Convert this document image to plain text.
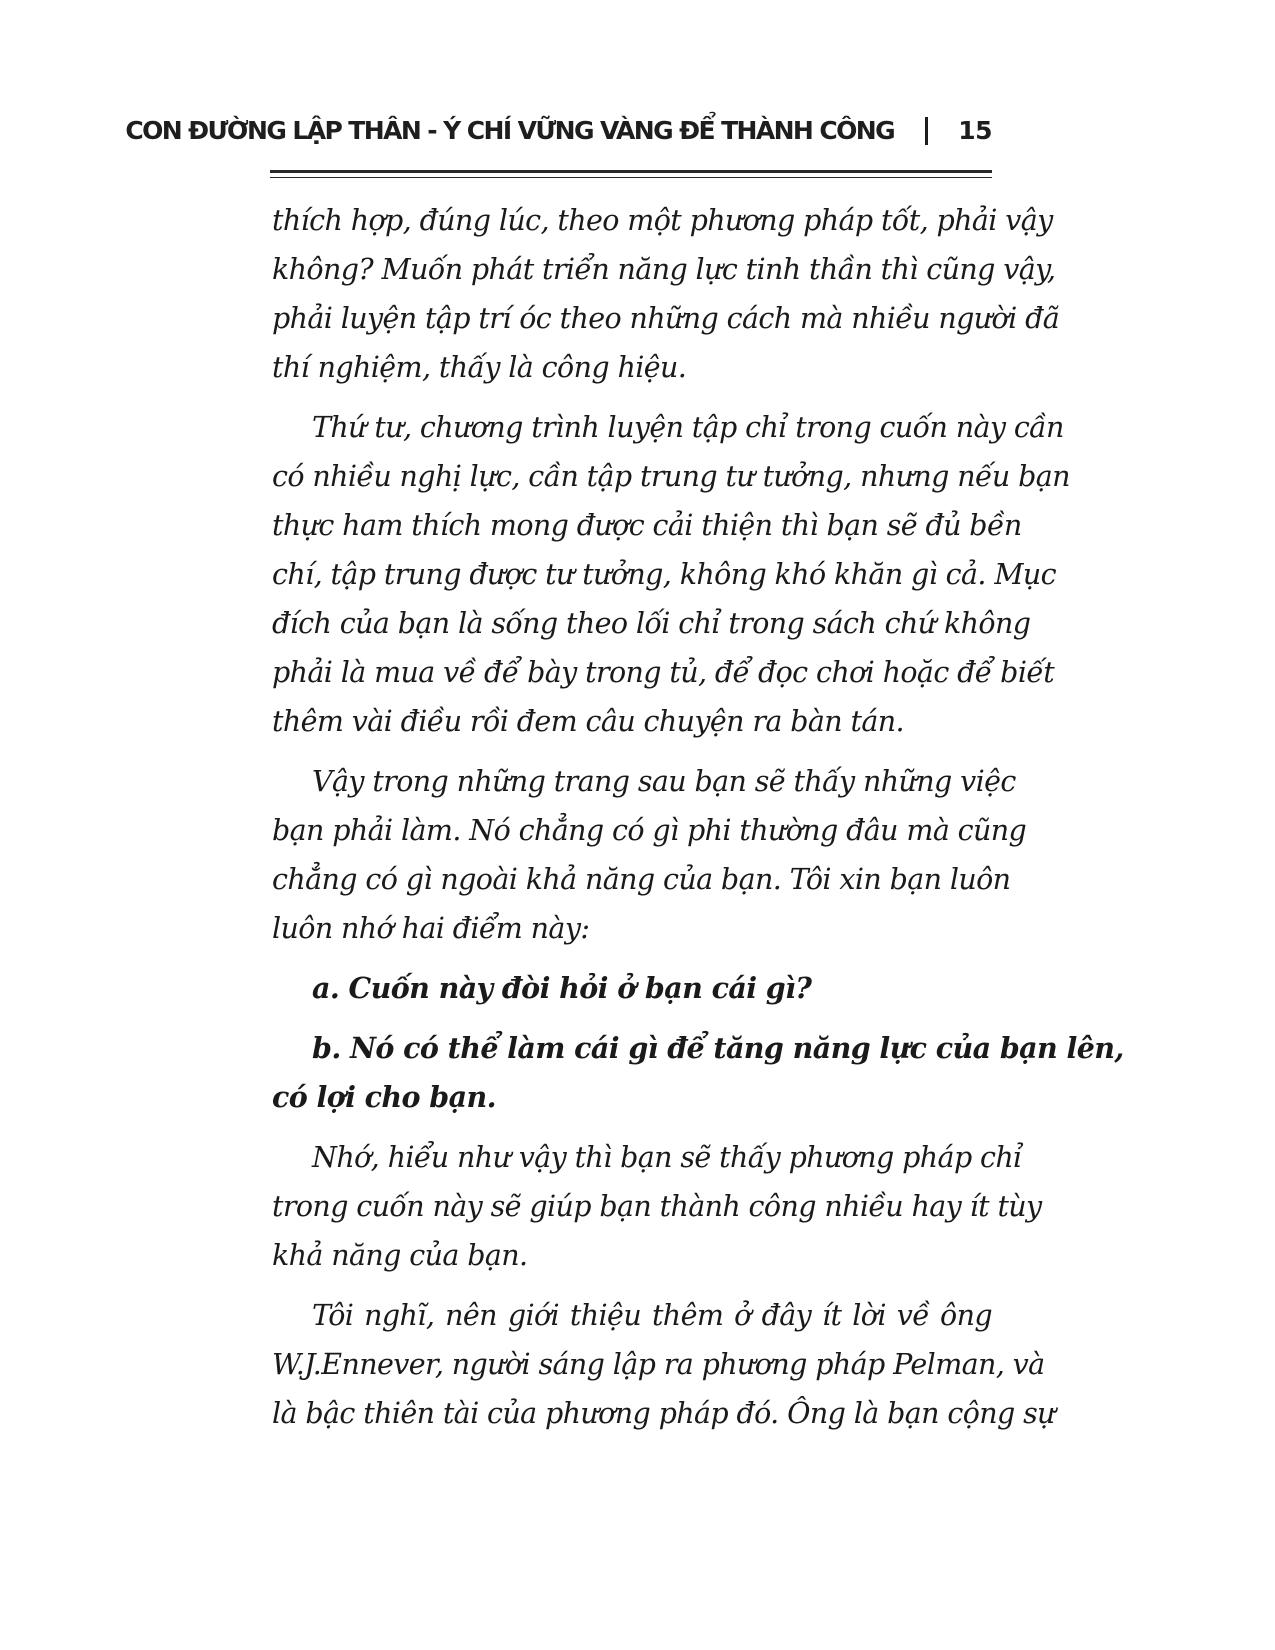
CON ĐƯỜNG LẬP THÂN - Ý CHÍ VỮNG VÀNG ĐỂ THÀNH CÔNG	15
thích hợp, đúng lúc, theo một phương pháp tốt, phải vậy
không? Muốn phát triển năng lực tinh thần thì cũng vậy,
phải luyện tập trí óc theo những cách mà nhiều người đã
thí nghiệm, thấy là công hiệu.
Thứ tư, chương trình luyện tập chỉ trong cuốn này cần
có nhiều nghị lực, cần tập trung tư tưởng, nhưng nếu bạn
thực ham thích mong được cải thiện thì bạn sẽ đủ bền
chí, tập trung được tư tưởng, không khó khăn gì cả. Mục
đích của bạn là sống theo lối chỉ trong sách chứ không
phải là mua về để bày trong tủ, để đọc chơi hoặc để biết
thêm vài điều rồi đem câu chuyện ra bàn tán.
Vậy trong những trang sau bạn sẽ thấy những việc
bạn phải làm. Nó chẳng có gì phi thường đâu mà cũng
chẳng có gì ngoài khả năng của bạn. Tôi xin bạn luôn
luôn nhớ hai điểm này:
a. Cuốn này đòi hỏi ở bạn cái gì?
b. Nó có thể làm cái gì để tăng năng lực của bạn lên,
có lợi cho bạn.
Nhớ, hiểu như vậy thì bạn sẽ thấy phương pháp chỉ
trong cuốn này sẽ giúp bạn thành công nhiều hay ít tùy
khả năng của bạn.
Tôi nghĩ, nên giới thiệu thêm ở đây ít lời về ông
W.J.Ennever, người sáng lập ra phương pháp Pelman, và
là bậc thiên tài của phương pháp đó. Ông là bạn cộng sự
